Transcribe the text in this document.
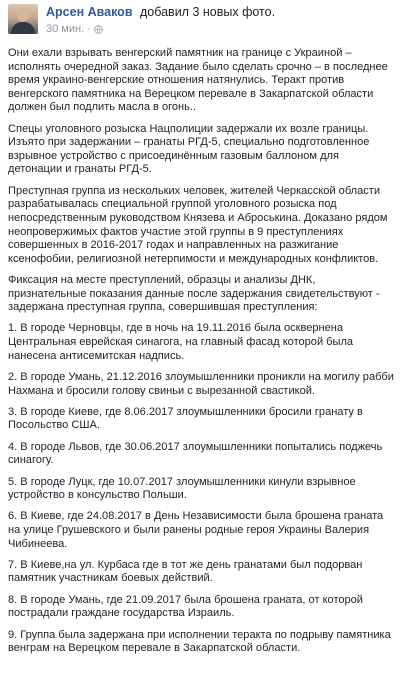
Арсен Аваков добавил 3 новых фото.
30 мин. ·

Они ехали взрывать венгерский памятник на границе с Украиной – исполнять очередной заказ. Задание было сделать срочно – в последнее время украино-венгерские отношения натянулись. Теракт против венгерского памятника на Верецком перевале в Закарпатской области должен был подлить масла в огонь..

Спецы уголовного розыска Нацполиции задержали их возле границы. Изъято при задержании – гранаты РГД-5, специально подготовленное взрывное устройство с присоединённым газовым баллоном для детонации и гранаты РГД-5.

Преступная группа из нескольких человек, жителей Черкасской области разрабатывалась специальной группой уголовного розыска под непосредственным руководством Князева и Аброськина. Доказано рядом неопровержимых фактов участие этой группы в 9 преступлениях совершенных в 2016-2017 годах и направленных на разжигание ксенофобии, религиозной нетерпимости и международных конфликтов.

Фиксация на месте преступлений, образцы и анализы ДНК, признательные показания данные после задержания свидетельствуют - задержана преступная группа, совершившая преступления:

1. В городе Черновцы, где в ночь на 19.11.2016 была осквернена Центральная еврейская синагога, на главный фасад которой была нанесена антисемитская надпись.

2. В городе Умань, 21.12.2016 злоумышленники проникли на могилу рабби Нахмана и бросили голову свиньи с вырезанной свастикой.

3. В городе Киеве, где 8.06.2017 злоумышленники бросили гранату в Посольство США.

4. В городе Львов, где 30.06.2017 злоумышленники попытались поджечь синагогу.

5. В городе Луцк, где 10.07.2017 злоумышленники кинули взрывное устройство в консульство Польши.

6. В Киеве, где 24.08.2017 в День Независимости была брошена граната на улице Грушевского и были ранены родные героя Украины Валерия Чибинеева.

7. В Киеве,на ул. Курбаса где в тот же день гранатами был подорван памятник участникам боевых действий.

8. В городе Умань, где 21.09.2017 была брошена граната, от которой пострадали граждане государства Израиль.

9. Группа была задержана при исполнении теракта по подрыву памятника венграм на Верецком перевале в Закарпатской области.
